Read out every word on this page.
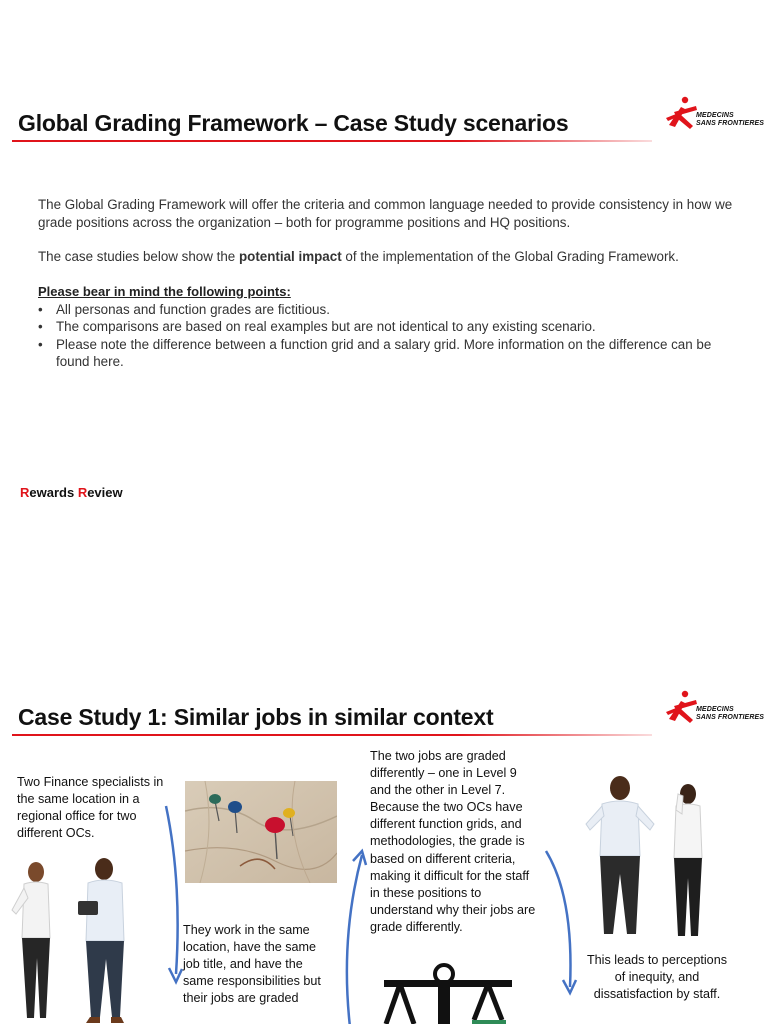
Global Grading Framework – Case Study scenarios	MEDECINS
SANS FRONTIERES

The Global Grading Framework will offer the criteria and common language needed to provide consistency in how we grade positions across the organization – both for programme positions and HQ positions.

The case studies below show the potential impact of the implementation of the Global Grading Framework.

Please bear in mind the following points:
• All personas and function grades are fictitious.
• The comparisons are based on real examples but are not identical to any existing scenario.
• Please note the difference between a function grid and a salary grid. More information on the difference can be found here.
Rewards Review
Case Study 1: Similar jobs in similar context	MEDECINS
SANS FRONTIERES

Two Finance specialists in the same location in a regional office for two different OCs.

They work in the same location, have the same job title, and have the same responsibilities but their jobs are graded

The two jobs are graded differently – one in Level 9 and the other in Level 7. Because the two OCs have different function grids, and methodologies, the grade is based on different criteria, making it difficult for the staff in these positions to understand why their jobs are grade differently.

This leads to perceptions of inequity, and dissatisfaction by staff.
